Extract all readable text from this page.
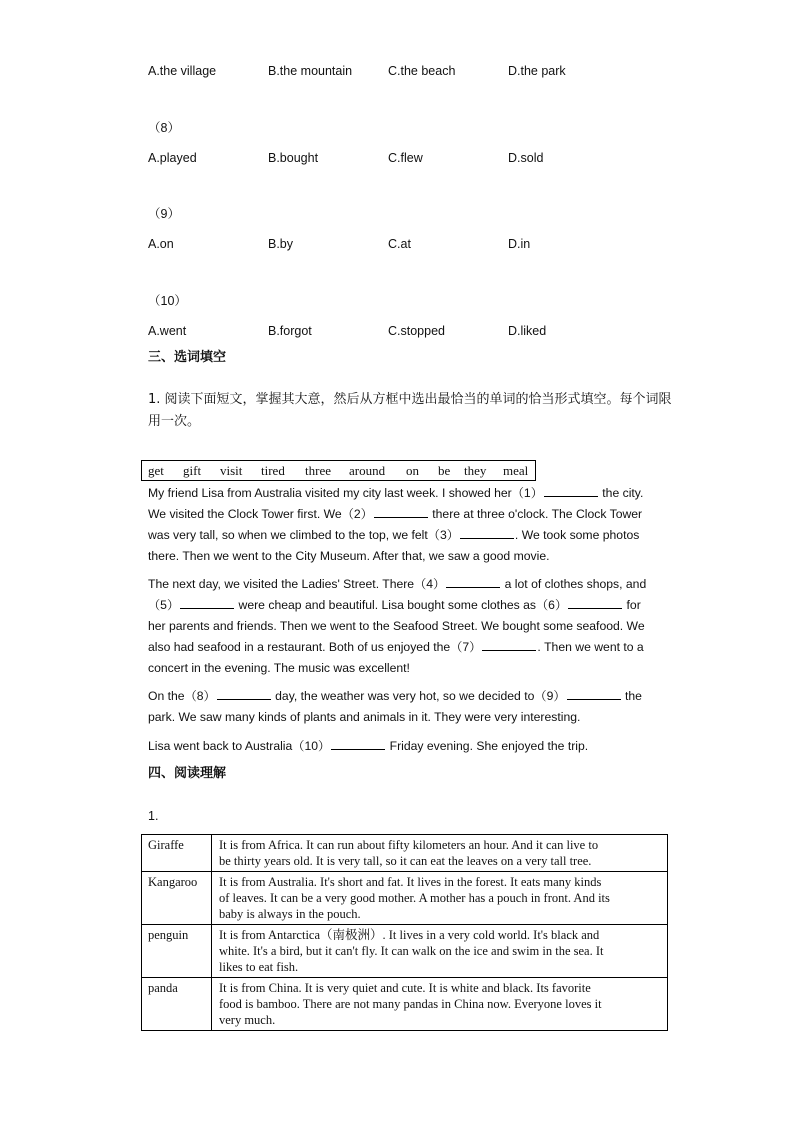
A.the village	B.the mountain	C.the beach	D.the park
（8）
A.played	B.bought	C.flew	D.sold
（9）
A.on	B.by	C.at	D.in
（10）
A.went	B.forgot	C.stopped	D.liked
三、选词填空
1. 阅读下面短文，掌握其大意，然后从方框中选出最恰当的单词的恰当形式填空。每个词限用一次。
get gift visit tired three around on be they meal
My friend Lisa from Australia visited my city last week. I showed her（1）	the city.
We visited the Clock Tower first. We（2）	there at three o'clock. The Clock Tower
was very tall, so when we climbed to the top, we felt（3）	. We took some photos
there. Then we went to the City Museum. After that, we saw a good movie.
The next day, we visited the Ladies' Street. There（4）	a lot of clothes shops, and
（5）	were cheap and beautiful. Lisa bought some clothes as（6）	for
her parents and friends. Then we went to the Seafood Street. We bought some seafood. We
also had seafood in a restaurant. Both of us enjoyed the（7）	. Then we went to a
concert in the evening. The music was excellent!
On the（8）	day, the weather was very hot, so we decided to（9）	the
park. We saw many kinds of plants and animals in it. They were very interesting.
Lisa went back to Australia（10）	Friday evening. She enjoyed the trip.
四、阅读理解
1.
Giraffe	It is from Africa. It can run about fifty kilometers an hour. And it can live to
be thirty years old. It is very tall, so it can eat the leaves on a very tall tree.

Kangaroo	It is from Australia. It's short and fat. It lives in the forest. It eats many kinds
of leaves. It can be a very good mother. A mother has a pouch in front. And its
baby is always in the pouch.

penguin	It is from Antarctica（南极洲）. It lives in a very cold world. It's black and
white. It's a bird, but it can't fly. It can walk on the ice and swim in the sea. It
likes to eat fish.

panda	It is from China. It is very quiet and cute. It is white and black. Its favorite
food is bamboo. There are not many pandas in China now. Everyone loves it
very much.
